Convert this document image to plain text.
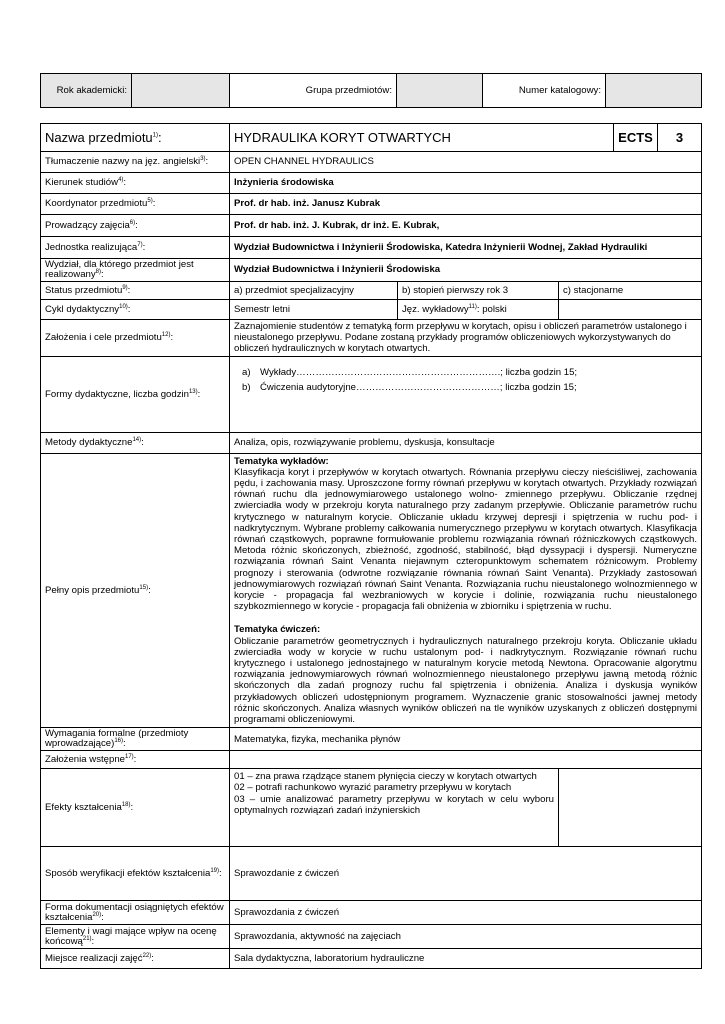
Rok akademicki:		Grupa przedmiotów:		Numer katalogowy:	
Nazwa przedmiotu$^{1)}$:	HYDRAULIKA KORYT OTWARTYCH			ECTS	3
Tłumaczenie nazwy na jęz. angielski$^{3)}$:	OPEN CHANNEL HYDRAULICS				
Kierunek studiów$^{4)}$:	Inżynieria środowiska				
Koordynator przedmiotu$^{5)}$:	Prof. dr hab. inż. Janusz Kubrak				
Prowadzący zajęcia$^{6)}$:	Prof. dr hab. inż. J. Kubrak, dr inż. E. Kubrak,				
Jednostka realizująca$^{7)}$:	Wydział Budownictwa i Inżynierii Środowiska, Katedra Inżynierii Wodnej, Zakład Hydrauliki				
Wydział, dla którego przedmiot jest realizowany$^{8)}$:	Wydział Budownictwa i Inżynierii Środowiska				
Status przedmiotu$^{9)}$:	a) przedmiot specjalizacyjny	b) stopień pierwszy rok 3	c) stacjonarne		
Cykl dydaktyczny$^{10)}$:	Semestr letni	Jęz. wykładowy$^{11)}$: polski			
Założenia i cele przedmiotu$^{12)}$:	Zaznajomienie studentów z tematyką form przepływu w korytach, opisu i obliczeń parametrów ustalonego i nieustalonego przepływu. Podane zostaną przykłady programów obliczeniowych wykorzystywanych do obliczeń hydraulicznych w korytach otwartych.				
Formy dydaktyczne, liczba godzin$^{13)}$:	a) Wykłady……………………………………………………….; liczba godzin 15;
b) Ćwiczenia audytoryjne………………………………………; liczba godzin 15;				

Metody dydaktyczne$^{14)}$:	Analiza, opis, rozwiązywanie problemu, dyskusja, konsultacje				
Pełny opis przedmiotu$^{15)}$:	Tematyka wykładów:

Klasyfikacja koryt i przepływów w korytach otwartych. Równania przepływu cieczy nieściśliwej, zachowania pędu, i zachowania masy. Uproszczone formy równań przepływu w korytach otwartych. Przykłady rozwiązań równań ruchu dla jednowymiarowego ustalonego wolno- zmiennego przepływu. Obliczanie rzędnej zwierciadła wody w przekroju koryta naturalnego przy zadanym przepływie. Obliczanie parametrów ruchu krytycznego w naturalnym korycie. Obliczanie układu krzywej depresji i spiętrzenia w ruchu pod- i nadkrytycznym. Wybrane problemy całkowania numerycznego przepływu w korytach otwartych. Klasyfikacja równań cząstkowych, poprawne formułowanie problemu rozwiązania równań różniczkowych cząstkowych. Metoda różnic skończonych, zbieżność, zgodność, stabilność, błąd dyssypacji i dyspersji. Numeryczne rozwiązania równań Saint Venanta niejawnym czteropunktowym schematem różnicowym. Problemy prognozy i sterowania (odwrotne rozwiązanie równania równań Saint Venanta). Przykłady zastosowań jednowymiarowych rozwiązań równań Saint Venanta. Rozwiązania ruchu nieustalonego wolnozmiennego w korycie - propagacja fal wezbraniowych w korycie i dolinie, rozwiązania ruchu nieustalonego szybkozmiennego w korycie - propagacja fali obniżenia w zbiorniku i spiętrzenia w ruchu.

Tematyka ćwiczeń:

Obliczanie parametrów geometrycznych i hydraulicznych naturalnego przekroju koryta. Obliczanie układu zwierciadła wody w korycie w ruchu ustalonym pod- i nadkrytycznym. Rozwiązanie równań ruchu krytycznego i ustalonego jednostajnego w naturalnym korycie metodą Newtona. Opracowanie algorytmu rozwiązania jednowymiarowych równań wolnozmiennego nieustalonego przepływu jawną metodą różnic skończonych dla zadań prognozy ruchu fal spiętrzenia i obniżenia. Analiza i dyskusja wyników przykładowych obliczeń udostępnionym programem. Wyznaczenie granic stosowalności jawnej metody różnic skończonych. Analiza własnych wyników obliczeń na tle wyników uzyskanych z obliczeń dostępnymi programami obliczeniowymi.				

Wymagania formalne (przedmioty wprowadzające)$^{16)}$:	Matematyka, fizyka, mechanika płynów				
Założenia wstępne$^{17)}$:					
Efekty kształcenia$^{18)}$:	01 – zna prawa rządzące stanem płynięcia cieczy w korytach otwartych

02 – potrafi rachunkowo wyrazić parametry przepływu w korytach

03 – umie analizować parametry przepływu w korytach w celu wyboru optymalnych rozwiązań zadań inżynierskich				

Sposób weryfikacji efektów kształcenia$^{19)}$:	Sprawozdanie z ćwiczeń				
Forma dokumentacji osiągniętych efektów kształcenia$^{20)}$:	Sprawozdania z ćwiczeń				
Elementy i wagi mające wpływ na ocenę końcową$^{21)}$:	Sprawozdania, aktywność na zajęciach				
Miejsce realizacji zajęć$^{22)}$:	Sala dydaktyczna, laboratorium hydrauliczne				
